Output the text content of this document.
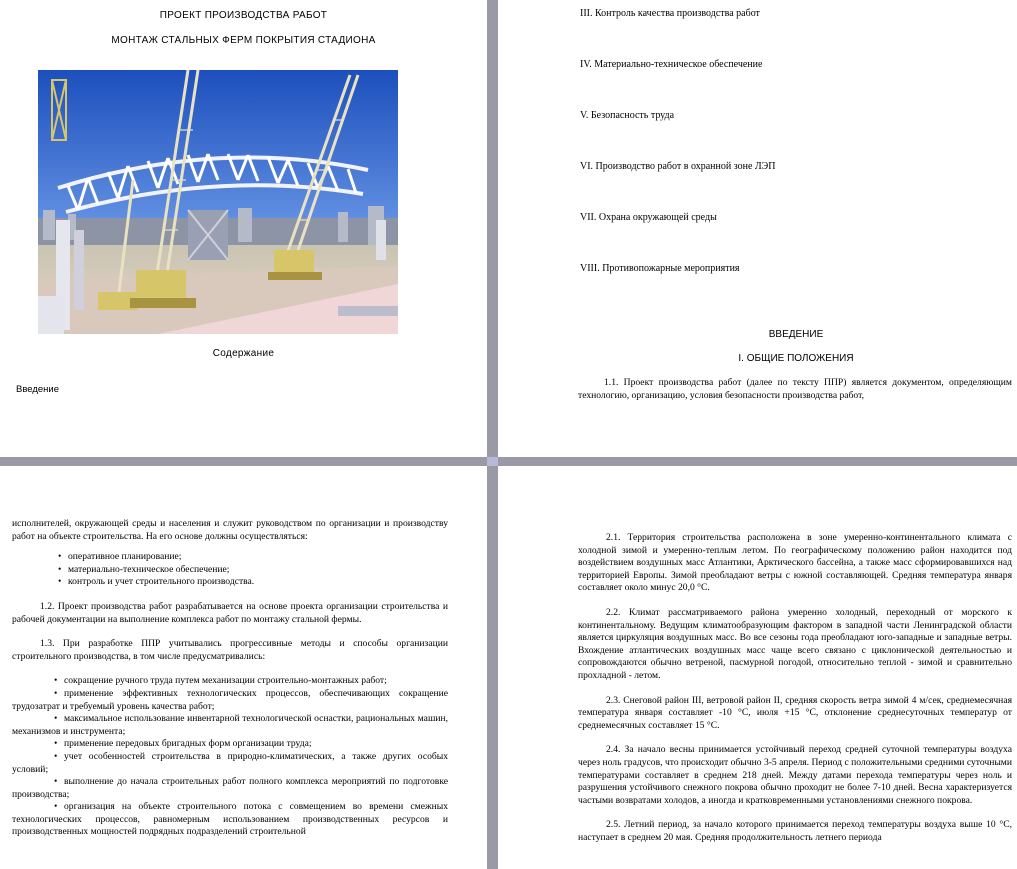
ПРОЕКТ ПРОИЗВОДСТВА РАБОТ
МОНТАЖ СТАЛЬНЫХ ФЕРМ ПОКРЫТИЯ СТАДИОНА
Содержание
Введение
III. Контроль качества производства работ
IV. Материально-техническое обеспечение
V. Безопасность труда
VI. Производство работ в охранной зоне ЛЭП
VII. Охрана окружающей среды
VIII. Противопожарные мероприятия
ВВЕДЕНИЕ
I. ОБЩИЕ ПОЛОЖЕНИЯ

1.1. Проект производства работ (далее по тексту ППР) является документом, определяющим технологию, организацию, условия безопасности производства работ,

исполнителей, окружающей среды и населения и служит руководством по организации и производству работ на объекте строительства. На его основе должны осуществляться:

• оперативное планирование;
• материально-техническое обеспечение;
• контроль и учет строительного производства.

1.2. Проект производства работ разрабатывается на основе проекта организации строительства и рабочей документации на выполнение комплекса работ по монтажу стальной фермы.

1.3. При разработке ППР учитывались прогрессивные методы и способы организации строительного производства, в том числе предусматривались:

• сокращение ручного труда путем механизации строительно-монтажных работ;
• применение эффективных технологических процессов, обеспечивающих сокращение трудозатрат и требуемый уровень качества работ;
• максимальное использование инвентарной технологической оснастки, рациональных машин, механизмов и инструмента;
• применение передовых бригадных форм организации труда;
• учет особенностей строительства в природно-климатических, а также других особых условий;
• выполнение до начала строительных работ полного комплекса мероприятий по подготовке производства;
• организация на объекте строительного потока с совмещением во времени смежных технологических процессов, равномерным использованием производственных ресурсов и производственных мощностей подрядных подразделений строительной

2.1. Территория строительства расположена в зоне умеренно-континентального климата с холодной зимой и умеренно-теплым летом. По географическому положению район находится под воздействием воздушных масс Атлантики, Арктического бассейна, а также масс сформировавшихся над территорией Европы. Зимой преобладают ветры с южной составляющей. Средняя температура января составляет около минус 20,0 °С.

2.2. Климат рассматриваемого района умеренно холодный, переходный от морского к континентальному. Ведущим климатообразующим фактором в западной части Ленинградской области является циркуляция воздушных масс. Во все сезоны года преобладают юго-западные и западные ветры. Вхождение атлантических воздушных масс чаще всего связано с циклонической деятельностью и сопровождаются обычно ветреной, пасмурной погодой, относительно теплой - зимой и сравнительно прохладной - летом.

2.3. Снеговой район III, ветровой район II, средняя скорость ветра зимой 4 м/сек, среднемесячная температура января составляет -10 °С, июля +15 °С, отклонение среднесуточных температур от среднемесячных составляет 15 °С.

2.4. За начало весны принимается устойчивый переход средней суточной температуры воздуха через ноль градусов, что происходит обычно 3-5 апреля. Период с положительными средними суточными температурами составляет в среднем 218 дней. Между датами перехода температуры через ноль и разрушения устойчивого снежного покрова обычно проходит не более 7-10 дней. Весна характеризуется частыми возвратами холодов, а иногда и кратковременными установлениями снежного покрова.

2.5. Летний период, за начало которого принимается переход температуры воздуха выше 10 °С, наступает в среднем 20 мая. Средняя продолжительность летнего периода
